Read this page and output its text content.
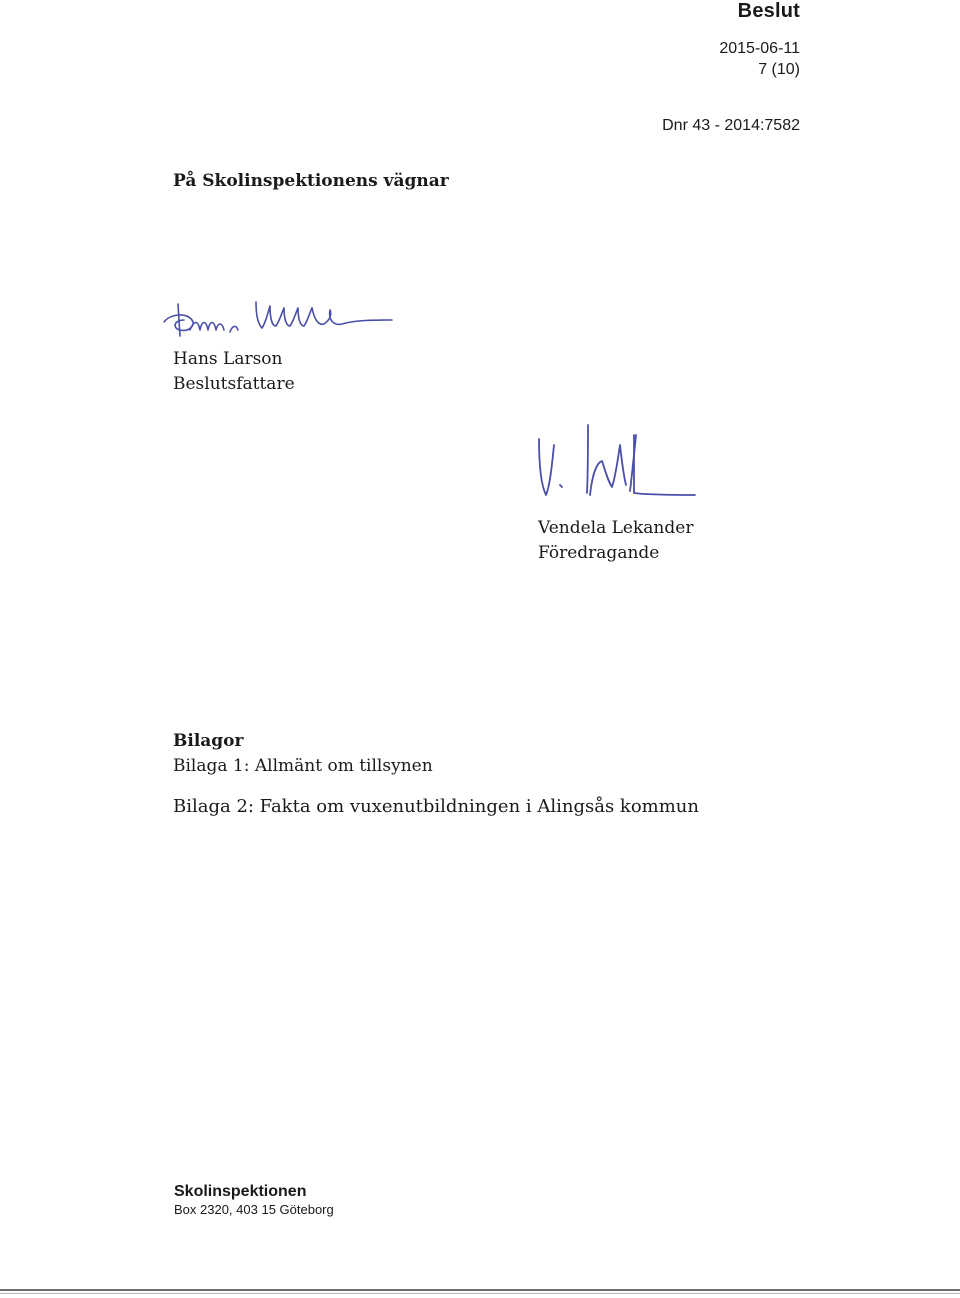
Beslut
2015-06-11
7 (10)
Dnr 43 - 2014:7582
På Skolinspektionens vägnar
Hans Larson
Beslutsfattare
Vendela Lekander
Föredragande
Bilagor
Bilaga 1: Allmänt om tillsynen
Bilaga 2: Fakta om vuxenutbildningen i Alingsås kommun
Skolinspektionen
Box 2320, 403 15 Göteborg
